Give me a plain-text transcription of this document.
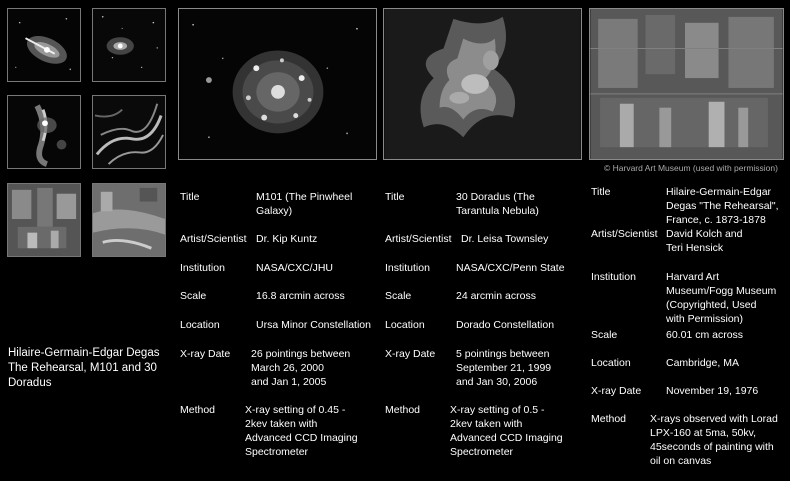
© Harvard Art Museum (used with permission)
Hilaire-Germain-Edgar Degas
The Rehearsal, M101 and 30
Doradus
Title	M101 (The Pinwheel
Galaxy)
Artist/Scientist Dr. Kip Kuntz
Institution	NASA/CXC/JHU
Scale	16.8 arcmin across
Location	Ursa Minor Constellation
X-ray Date 26 pointings between
March 26, 2000
and Jan 1, 2005
Method	X-ray setting of 0.45 -
2kev taken with
Advanced CCD Imaging
Spectrometer
Title	30 Doradus (The
Tarantula Nebula)
Artist/Scientist Dr. Leisa Townsley
Institution NASA/CXC/Penn State
Scale	24 arcmin across
Location	Dorado Constellation
X-ray Date 5 pointings between
September 21, 1999
and Jan 30, 2006
Method	X-ray setting of 0.5 -
2kev taken with
Advanced CCD Imaging
Spectrometer
Title	Hilaire-Germain-Edgar
Degas "The Rehearsal",
France, c. 1873-1878
Artist/Scientist David Kolch and
Teri Hensick
Institution	Harvard Art
Museum/Fogg Museum
(Copyrighted, Used
with Permission)
Scale	60.01 cm across
Location	Cambridge, MA
X-ray Date November 19, 1976
Method X-rays observed with Lorad
LPX-160 at 5ma, 50kv,
45seconds of painting with
oil on canvas
